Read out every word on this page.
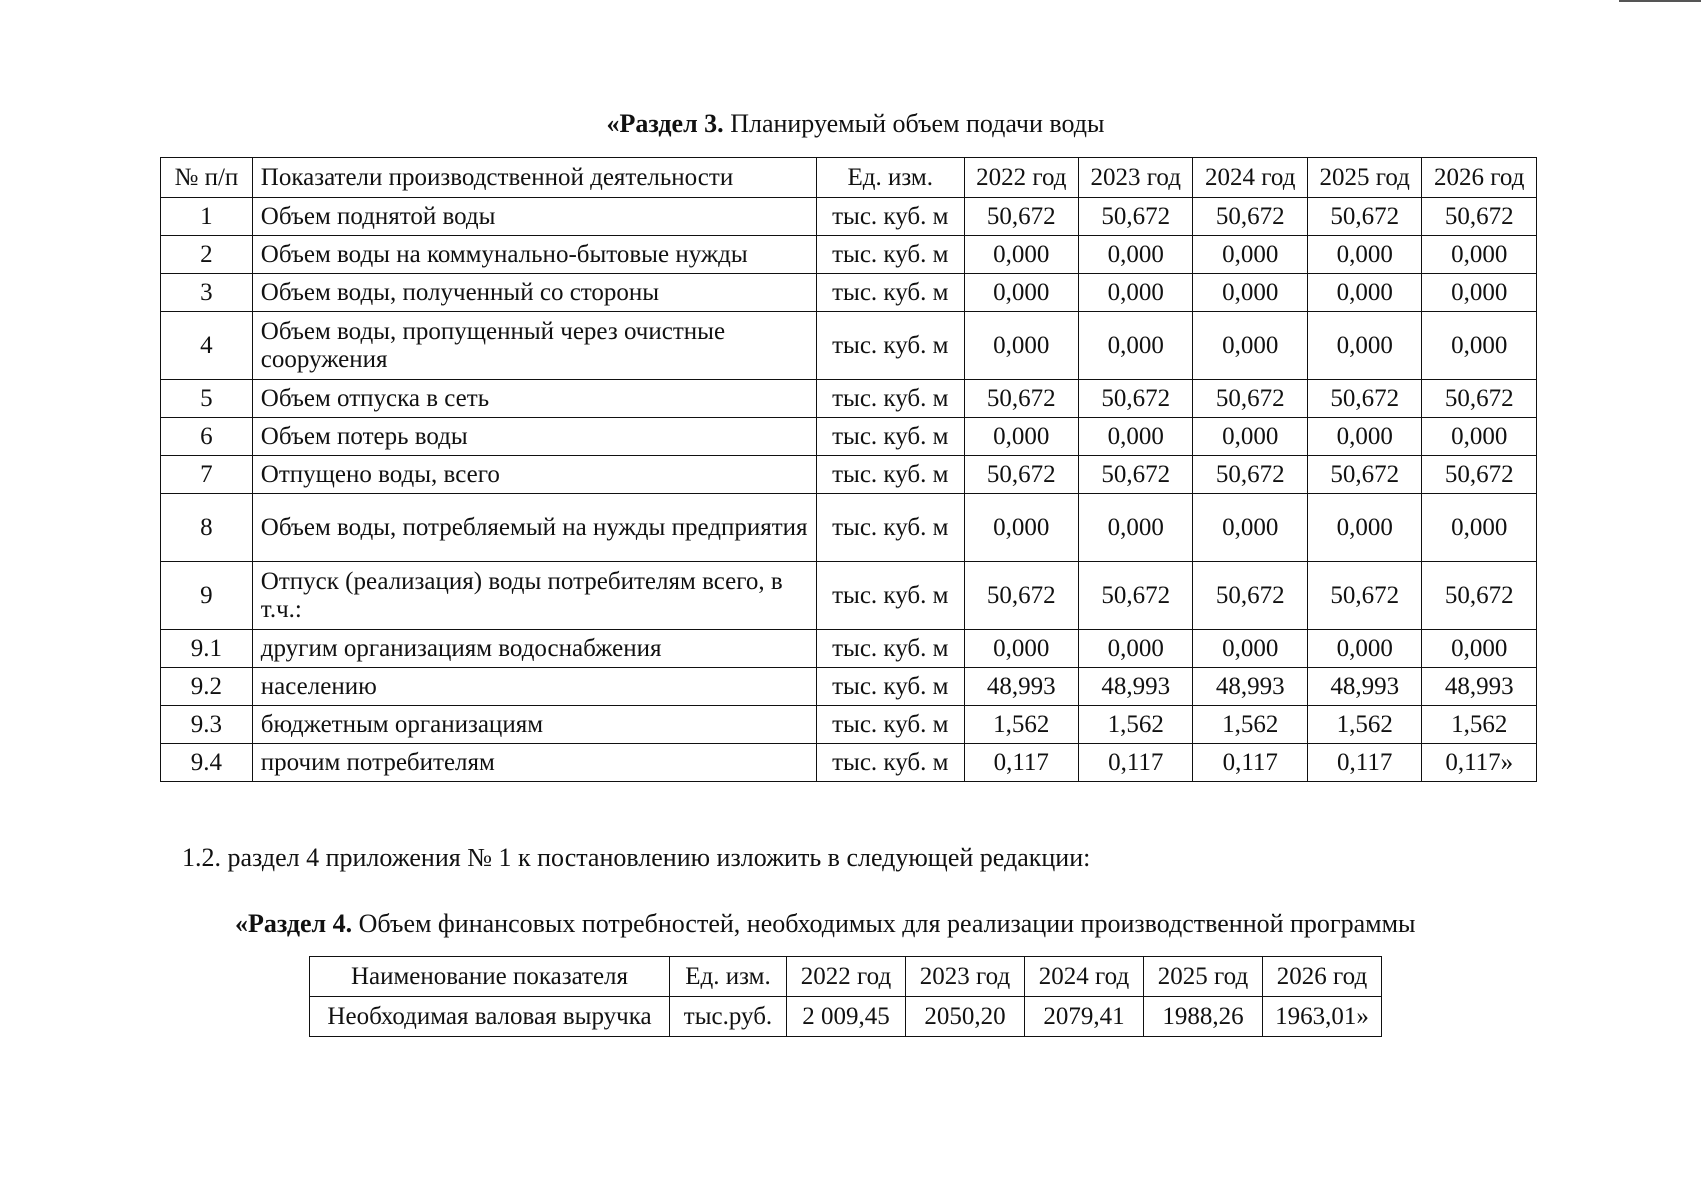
«Раздел 3. Планируемый объем подачи воды
№ п/п	Показатели производственной деятельности	Ед. изм.	2022 год	2023 год	2024 год	2025 год	2026 год
1	Объем поднятой воды	тыс. куб. м	50,672	50,672	50,672	50,672	50,672
2	Объем воды на коммунально-бытовые нужды	тыс. куб. м	0,000	0,000	0,000	0,000	0,000
3	Объем воды, полученный со стороны	тыс. куб. м	0,000	0,000	0,000	0,000	0,000
4	Объем воды, пропущенный через очистные сооружения	тыс. куб. м	0,000	0,000	0,000	0,000	0,000
5	Объем отпуска в сеть	тыс. куб. м	50,672	50,672	50,672	50,672	50,672
6	Объем потерь воды	тыс. куб. м	0,000	0,000	0,000	0,000	0,000
7	Отпущено воды, всего	тыс. куб. м	50,672	50,672	50,672	50,672	50,672
8	Объем воды, потребляемый на нужды предприятия	тыс. куб. м	0,000	0,000	0,000	0,000	0,000
9	Отпуск (реализация) воды потребителям всего, в т.ч.:	тыс. куб. м	50,672	50,672	50,672	50,672	50,672
9.1	другим организациям водоснабжения	тыс. куб. м	0,000	0,000	0,000	0,000	0,000
9.2	населению	тыс. куб. м	48,993	48,993	48,993	48,993	48,993
9.3	бюджетным организациям	тыс. куб. м	1,562	1,562	1,562	1,562	1,562
9.4	прочим потребителям	тыс. куб. м	0,117	0,117	0,117	0,117	0,117»
1.2. раздел 4 приложения № 1 к постановлению изложить в следующей редакции:
«Раздел 4. Объем финансовых потребностей, необходимых для реализации производственной программы
Наименование показателя	Ед. изм.	2022 год	2023 год	2024 год	2025 год	2026 год
Необходимая валовая выручка	тыс.руб.	2 009,45	2050,20	2079,41	1988,26	1963,01»
